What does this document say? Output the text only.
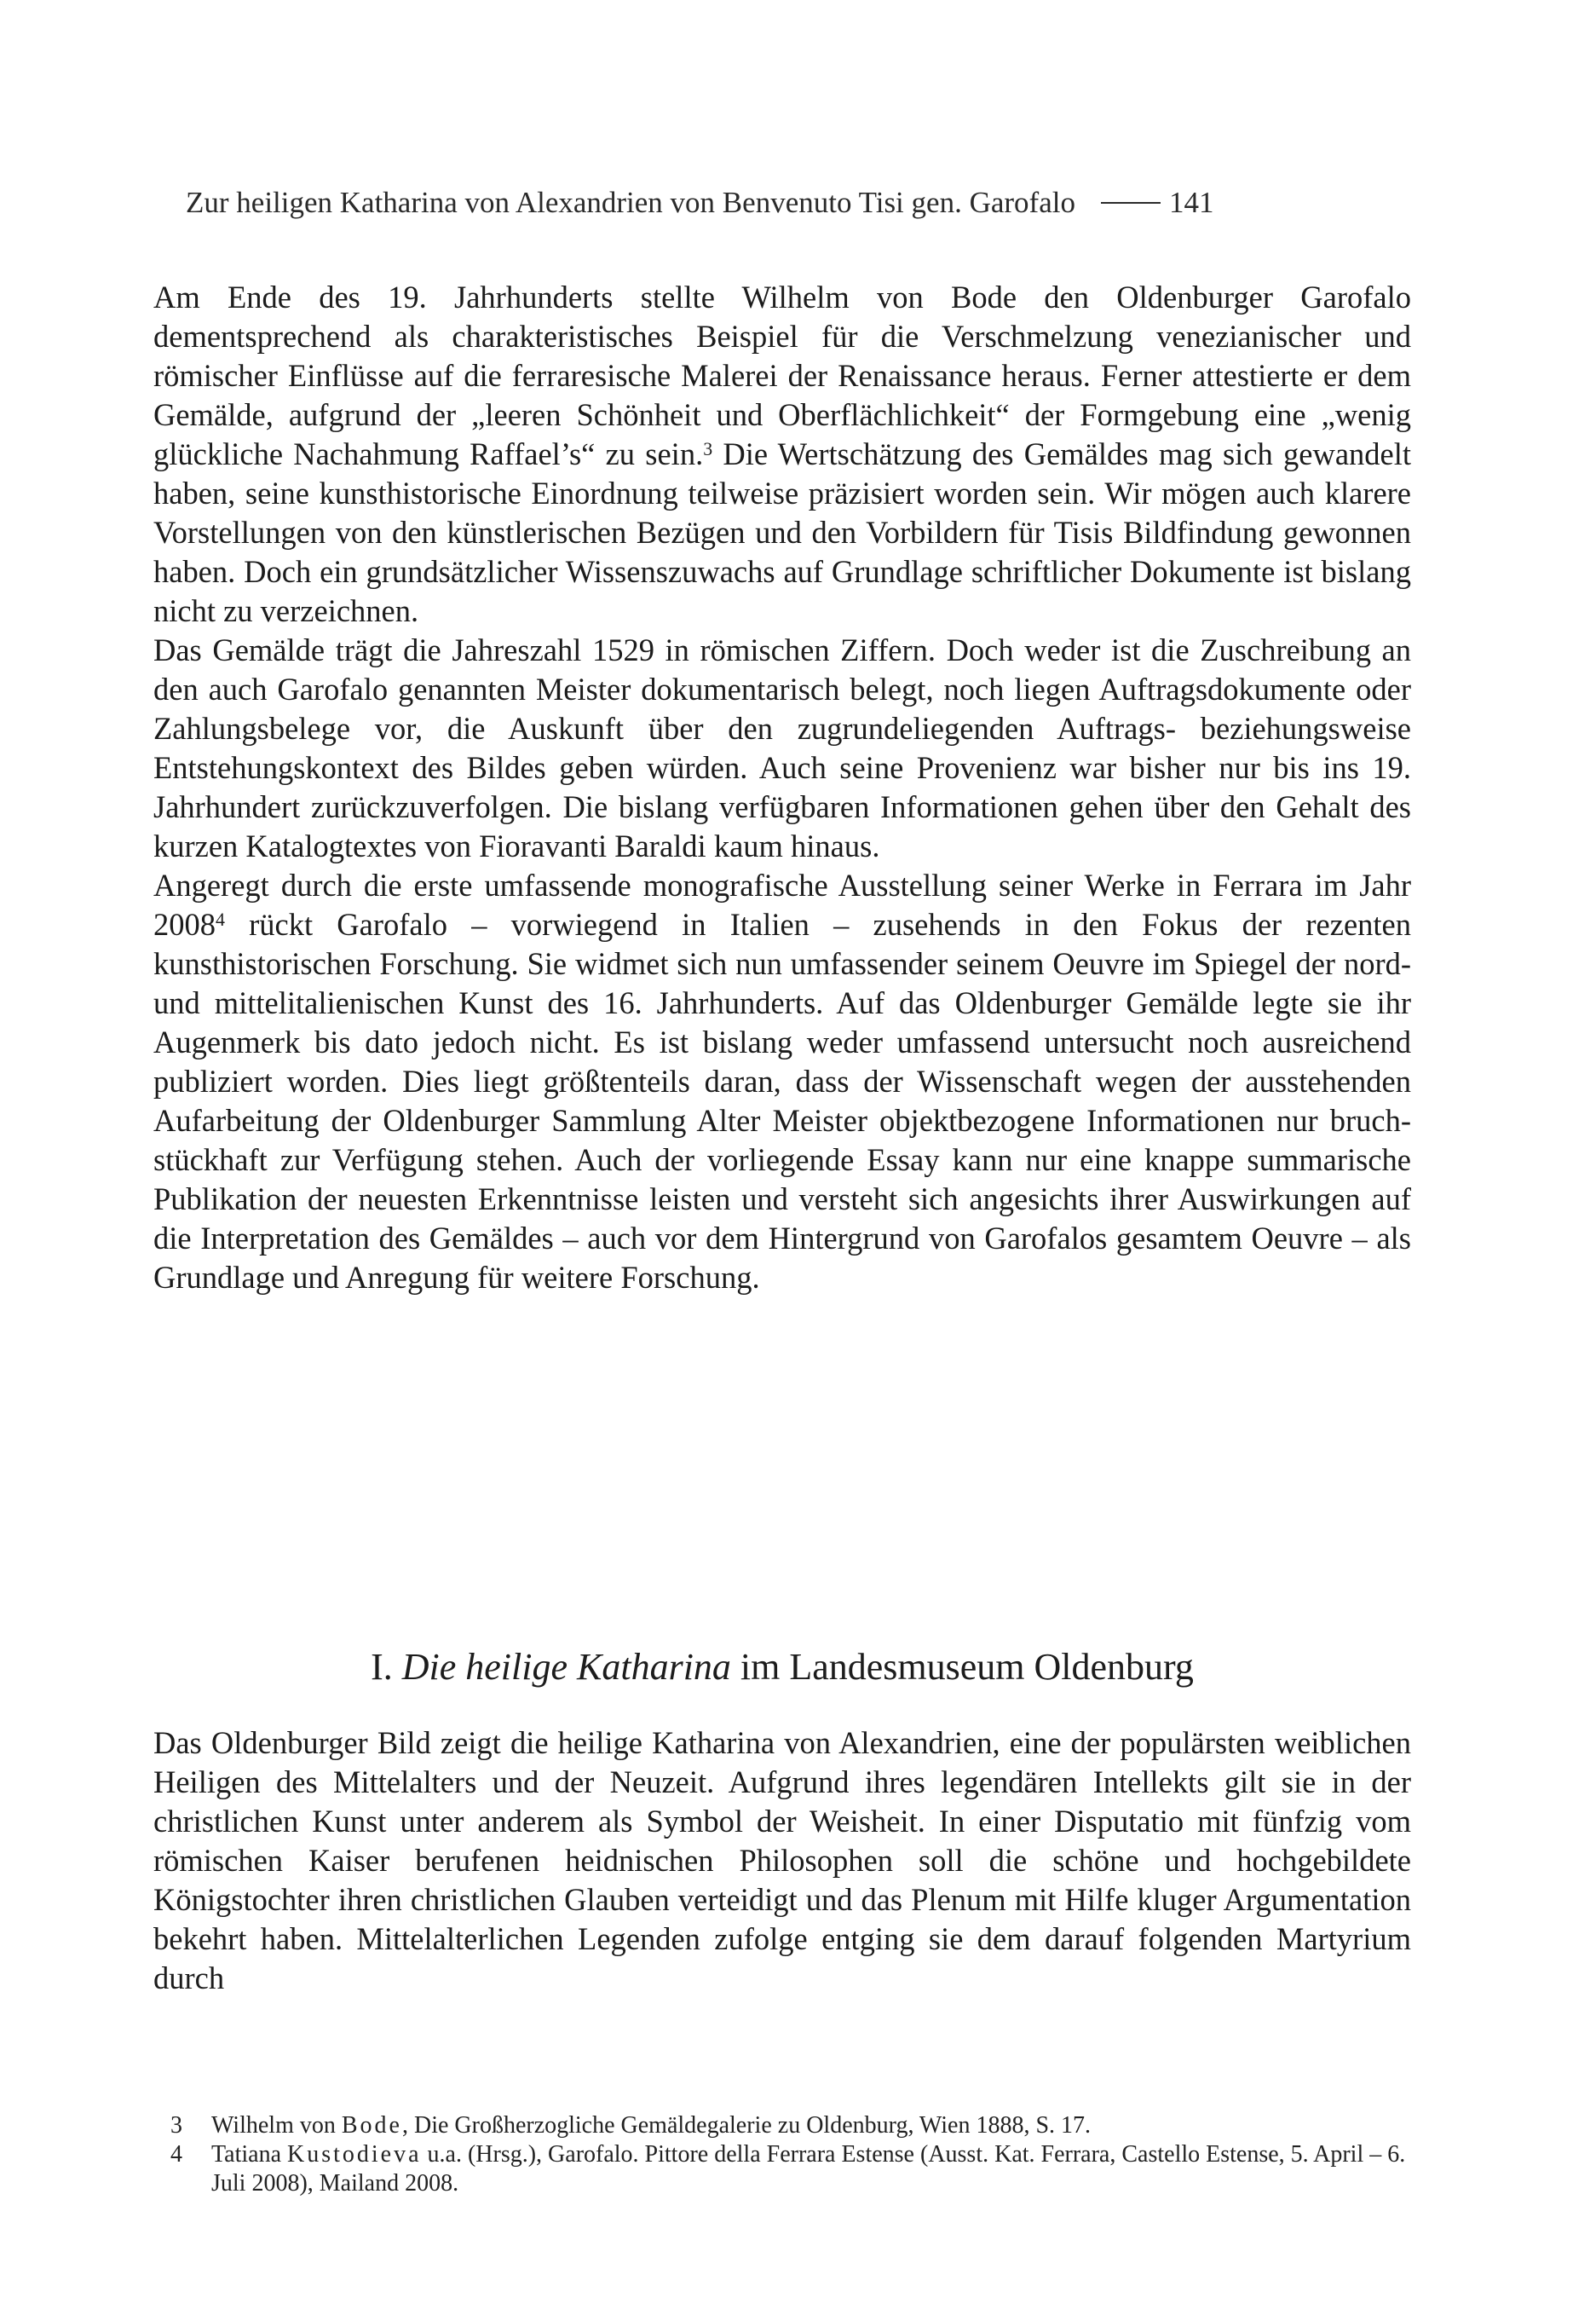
Zur heiligen Katharina von Alexandrien von Benvenuto Tisi gen. Garofalo	141

Am Ende des 19. Jahrhunderts stellte Wilhelm von Bode den Oldenburger Garofalo dementsprechend als charakteristisches Beispiel für die Verschmelzung venezianischer und römischer Einflüsse auf die ferraresische Malerei der Renaissance heraus. Ferner attestierte er dem Gemälde, aufgrund der „leeren Schönheit und Oberflächlichkeit“ der Formgebung eine „wenig glückliche Nachahmung Raffael’s“ zu sein.$^3$ Die Wertschätzung des Gemäldes mag sich gewandelt haben, seine kunsthistorische Einordnung teilweise präzisiert worden sein. Wir mögen auch klarere Vorstellungen von den künstlerischen Bezügen und den Vorbildern für Tisis Bildfindung gewonnen haben. Doch ein grundsätzlicher Wissenszuwachs auf Grundlage schriftlicher Dokumente ist bislang nicht zu verzeichnen.

Das Gemälde trägt die Jahreszahl 1529 in römischen Ziffern. Doch weder ist die Zuschreibung an den auch Garofalo genannten Meister dokumentarisch belegt, noch liegen Auftragsdokumente oder Zahlungsbelege vor, die Auskunft über den zugrundeliegenden Auftrags- beziehungsweise Entstehungskontext des Bildes geben würden. Auch seine Provenienz war bisher nur bis ins 19. Jahrhundert zurückzuverfolgen. Die bislang verfügbaren Informationen gehen über den Gehalt des kurzen Katalogtextes von Fioravanti Baraldi kaum hinaus.

Angeregt durch die erste umfassende monografische Ausstellung seiner Werke in Ferrara im Jahr 2008$^4$ rückt Garofalo – vorwiegend in Italien – zusehends in den Fokus der rezenten kunsthistorischen Forschung. Sie widmet sich nun umfassender seinem Oeuvre im Spiegel der nord- und mittelitalienischen Kunst des 16. Jahrhunderts. Auf das Oldenburger Gemälde legte sie ihr Augenmerk bis dato jedoch nicht. Es ist bislang weder umfassend untersucht noch ausreichend publiziert worden. Dies liegt größtenteils daran, dass der Wissenschaft wegen der ausstehenden Aufarbeitung der Oldenburger Sammlung Alter Meister objektbezogene Informationen nur bruchstückhaft zur Verfügung stehen. Auch der vorliegende Essay kann nur eine knappe summarische Publikation der neuesten Erkenntnisse leisten und versteht sich angesichts ihrer Auswirkungen auf die Interpretation des Gemäldes – auch vor dem Hintergrund von Garofalos gesamtem Oeuvre – als Grundlage und Anregung für weitere Forschung.

I. Die heilige Katharina im Landesmuseum Oldenburg

Das Oldenburger Bild zeigt die heilige Katharina von Alexandrien, eine der populärsten weiblichen Heiligen des Mittelalters und der Neuzeit. Aufgrund ihres legendären Intellekts gilt sie in der christlichen Kunst unter anderem als Symbol der Weisheit. In einer Disputatio mit fünfzig vom römischen Kaiser berufenen heidnischen Philosophen soll die schöne und hochgebildete Königstochter ihren christlichen Glauben verteidigt und das Plenum mit Hilfe kluger Argumentation bekehrt haben. Mittelalterlichen Legenden zufolge entging sie dem darauf folgenden Martyrium durch

3	Wilhelm von Bode, Die Großherzogliche Gemäldegalerie zu Oldenburg, Wien 1888, S. 17.
4	Tatiana Kustodieva u.a. (Hrsg.), Garofalo. Pittore della Ferrara Estense (Ausst. Kat. Ferrara, Castello Estense, 5. April – 6. Juli 2008), Mailand 2008.
